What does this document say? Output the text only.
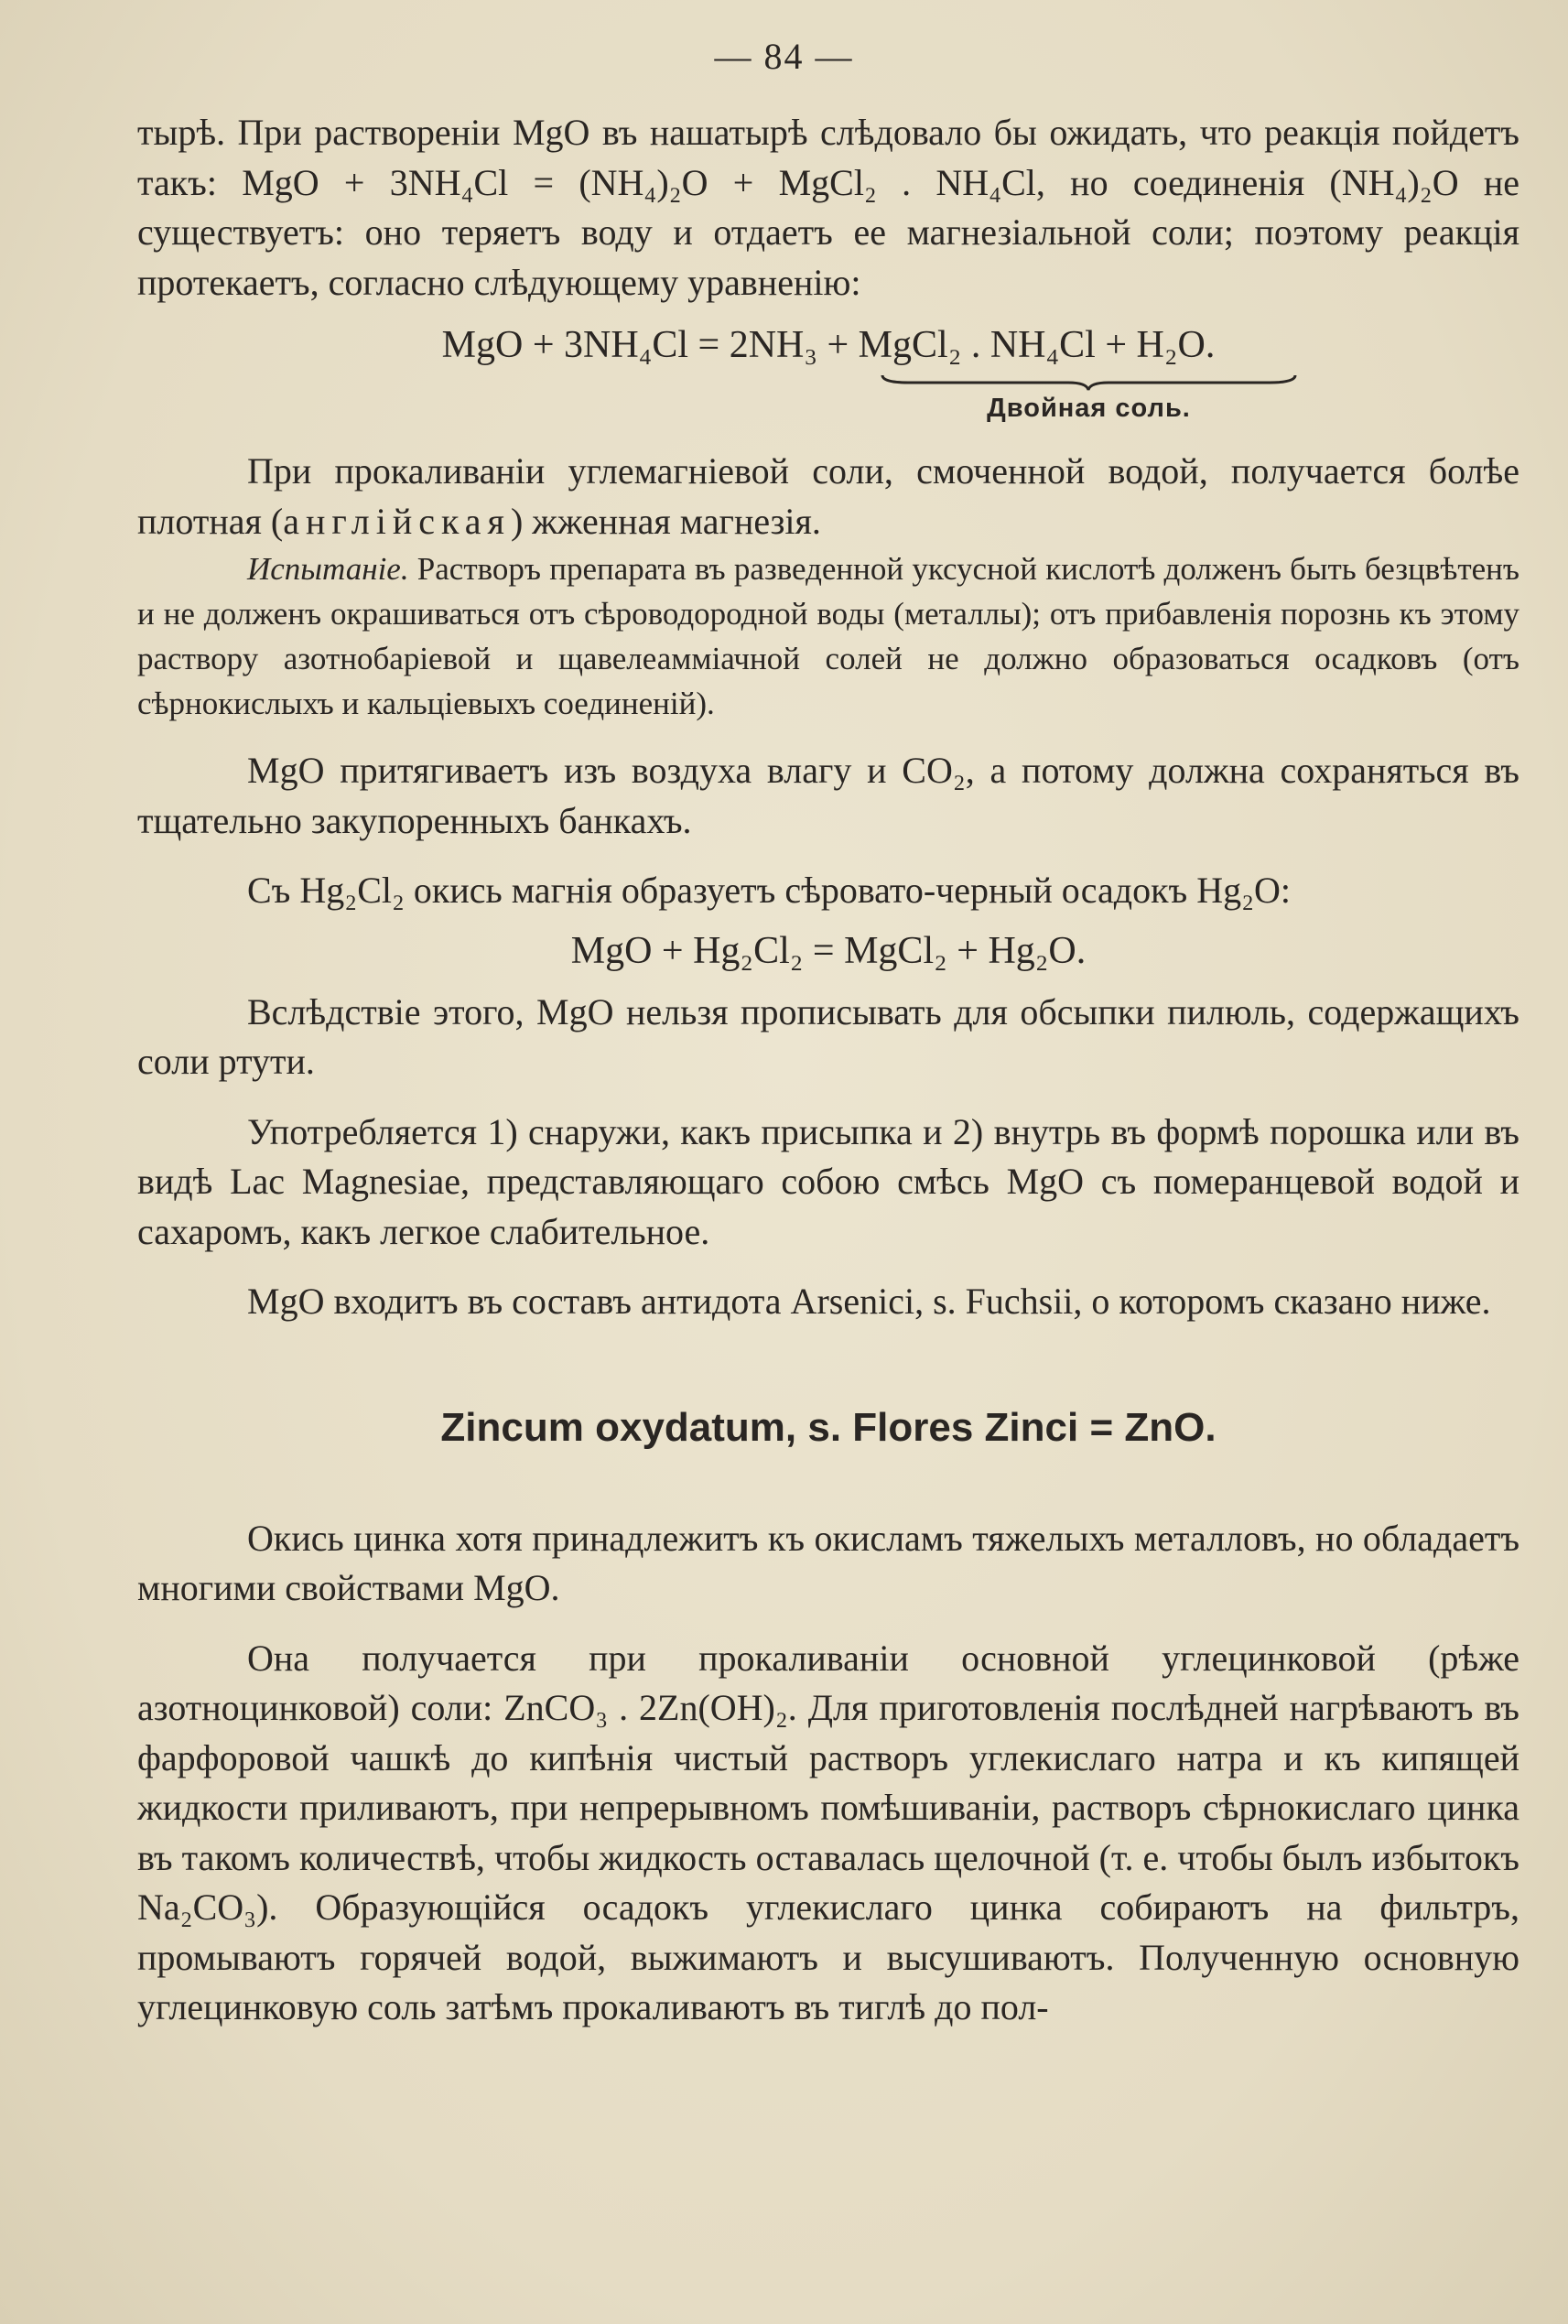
— 84 —

тырѣ. При раствореніи MgO въ нашатырѣ слѣдовало бы ожидать, что реакція пойдетъ такъ: MgO + 3NH₄Cl = (NH₄)₂O + MgCl₂ . NH₄Cl, но соединенія (NH₄)₂O не существуетъ: оно теряетъ воду и отдаетъ ее магнезіальной соли; поэтому реакція протекаетъ, согласно слѣдующему уравненію:

MgO + 3NH₄Cl = 2NH₃ + MgCl₂ . NH₄Cl + H₂O.

Двойная соль.

При прокаливаніи углемагніевой соли, смоченной водой, получается болѣе плотная (англійская) жженная магнезія.

Испытаніе. Растворъ препарата въ разведенной уксусной кислотѣ долженъ быть безцвѣтенъ и не долженъ окрашиваться отъ сѣроводородной воды (металлы); отъ прибавленія порознь къ этому раствору азотнобаріевой и щавелеамміачной солей не должно образоваться осадковъ (отъ сѣрнокислыхъ и кальціевыхъ соединеній).

MgO притягиваетъ изъ воздуха влагу и CO₂, а потому должна сохраняться въ тщательно закупоренныхъ банкахъ.

Съ Hg₂Cl₂ окись магнія образуетъ сѣровато-черный осадокъ Hg₂O:

MgO + Hg₂Cl₂ = MgCl₂ + Hg₂O.

Вслѣдствіе этого, MgO нельзя прописывать для обсыпки пилюль, содержащихъ соли ртути.

Употребляется 1) снаружи, какъ присыпка и 2) внутрь въ формѣ порошка или въ видѣ Lac Magnesiae, представляющаго собою смѣсь MgO съ померанцевой водой и сахаромъ, какъ легкое слабительное.

MgO входитъ въ составъ антидота Arsenici, s. Fuchsii, о которомъ сказано ниже.

Zincum oxydatum, s. Flores Zinci = ZnO.

Окись цинка хотя принадлежитъ къ окисламъ тяжелыхъ металловъ, но обладаетъ многими свойствами MgO.

Она получается при прокаливаніи основной углецинковой (рѣже азотноцинковой) соли: ZnCO₃ . 2Zn(OH)₂. Для приготовленія послѣдней нагрѣваютъ въ фарфоровой чашкѣ до кипѣнія чистый растворъ углекислаго натра и къ кипящей жидкости приливаютъ, при непрерывномъ помѣшиваніи, растворъ сѣрнокислаго цинка въ такомъ количествѣ, чтобы жидкость оставалась щелочной (т. е. чтобы былъ избытокъ Na₂CO₃). Образующійся осадокъ углекислаго цинка собираютъ на фильтръ, промываютъ горячей водой, выжимаютъ и высушиваютъ. Полученную основную углецинковую соль затѣмъ прокаливаютъ въ тиглѣ до пол-
